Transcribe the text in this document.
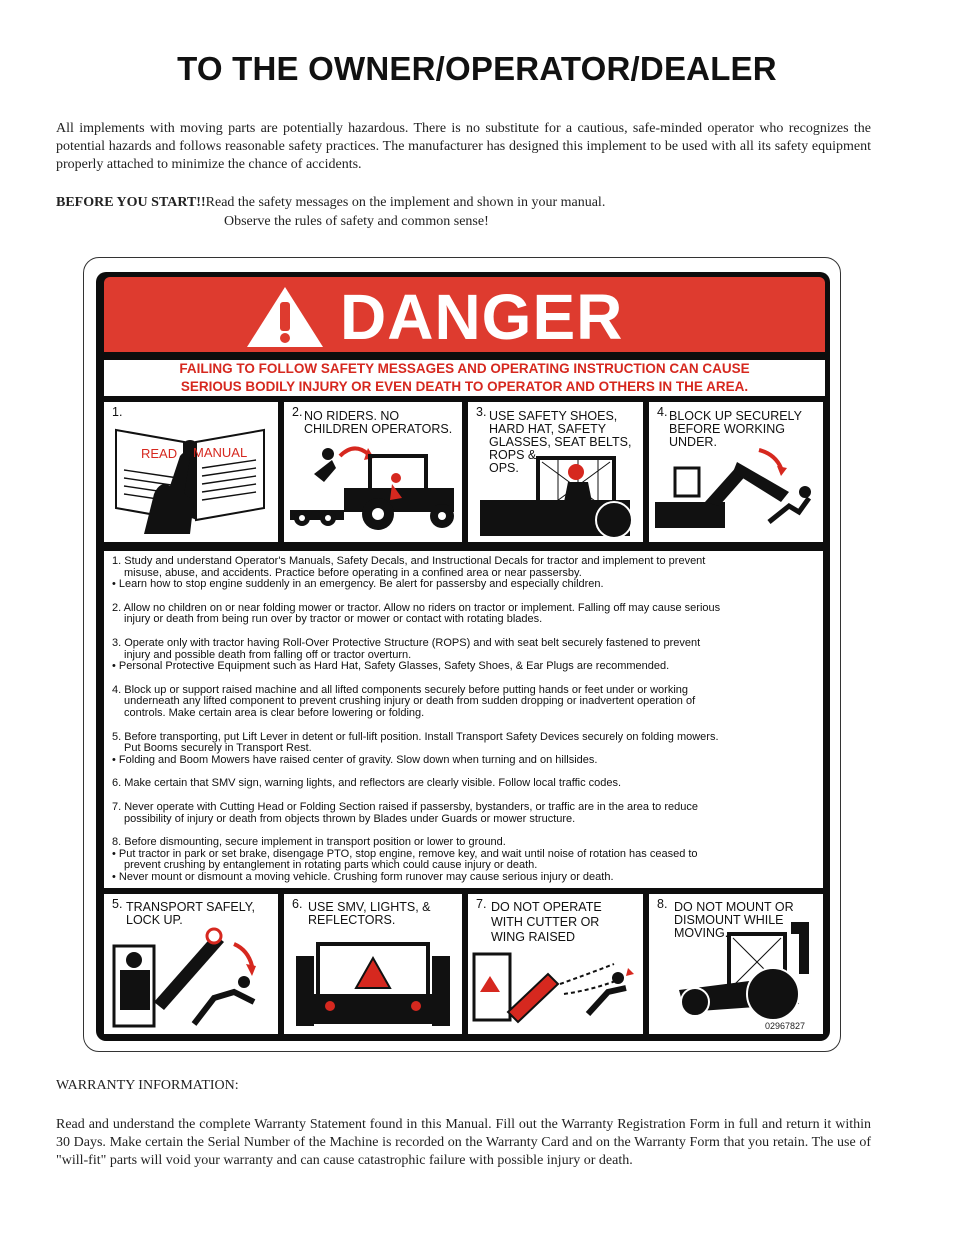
TO THE OWNER/OPERATOR/DEALER
All implements with moving parts are potentially hazardous. There is no substitute for a cautious, safe-minded operator who recognizes the potential hazards and follows reasonable safety practices. The manufacturer has designed this implement to be used with all its safety equipment properly attached to minimize the chance of accidents.
BEFORE YOU START!!Read the safety messages on the implement and shown in your manual.
Observe the rules of safety and common sense!
DANGER
FAILING TO FOLLOW SAFETY MESSAGES AND OPERATING INSTRUCTION CAN CAUSE
SERIOUS BODILY INJURY OR EVEN DEATH TO OPERATOR AND OTHERS IN THE AREA.
1.
READ MANUAL
2. NO RIDERS. NO
CHILDREN OPERATORS.
3. USE SAFETY SHOES,
HARD HAT, SAFETY
GLASSES, SEAT BELTS,
ROPS &
OPS.
4. BLOCK UP SECURELY
BEFORE WORKING
UNDER.

1. Study and understand Operator's Manuals, Safety Decals, and Instructional Decals for tractor and implement to prevent
misuse, abuse, and accidents. Practice before operating in a confined area or near passersby.
• Learn how to stop engine suddenly in an emergency. Be alert for passersby and especially children.

2. Allow no children on or near folding mower or tractor. Allow no riders on tractor or implement. Falling off may cause serious
injury or death from being run over by tractor or mower or contact with rotating blades.

3. Operate only with tractor having Roll-Over Protective Structure (ROPS) and with seat belt securely fastened to prevent
injury and possible death from falling off or tractor overturn.
• Personal Protective Equipment such as Hard Hat, Safety Glasses, Safety Shoes, & Ear Plugs are recommended.

4. Block up or support raised machine and all lifted components securely before putting hands or feet under or working
underneath any lifted component to prevent crushing injury or death from sudden dropping or inadvertent operation of
controls. Make certain area is clear before lowering or folding.

5. Before transporting, put Lift Lever in detent or full-lift position. Install Transport Safety Devices securely on folding mowers.
Put Booms securely in Transport Rest.
• Folding and Boom Mowers have raised center of gravity. Slow down when turning and on hillsides.

6. Make certain that SMV sign, warning lights, and reflectors are clearly visible. Follow local traffic codes.

7. Never operate with Cutting Head or Folding Section raised if passersby, bystanders, or traffic are in the area to reduce
possibility of injury or death from objects thrown by Blades under Guards or mower structure.

8. Before dismounting, secure implement in transport position or lower to ground.
• Put tractor in park or set brake, disengage PTO, stop engine, remove key, and wait until noise of rotation has ceased to
prevent crushing by entanglement in rotating parts which could cause injury or death.
• Never mount or dismount a moving vehicle. Crushing form runover may cause serious injury or death.

5. TRANSPORT SAFELY,
LOCK UP.
6. USE SMV, LIGHTS, &
REFLECTORS.
7. DO NOT OPERATE
WITH CUTTER OR
WING RAISED
8. DO NOT MOUNT OR
DISMOUNT WHILE
MOVING.
02967827
WARRANTY INFORMATION:
Read and understand the complete Warranty Statement found in this Manual. Fill out the Warranty Registration Form in full and return it within 30 Days. Make certain the Serial Number of the Machine is recorded on the Warranty Card and on the Warranty Form that you retain. The use of "will-fit" parts will void your warranty and can cause catastrophic failure with possible injury or death.
